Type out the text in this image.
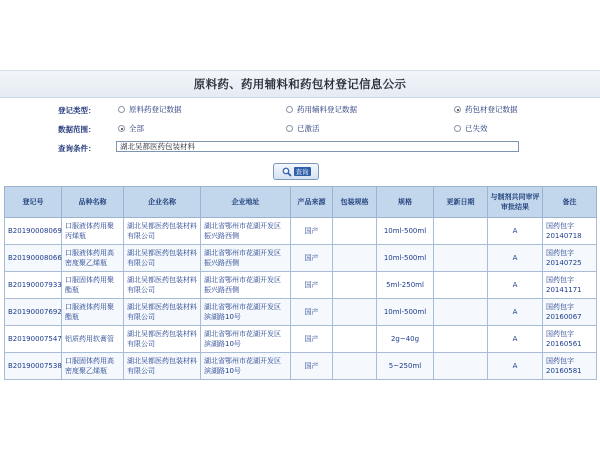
原料药、药用辅料和药包材登记信息公示
登记类型：	原料药登记数据	药用辅料登记数据	药包材登记数据
数据范围：	全部	已激活	已失效
查询条件：
湖北吴都医药包装材料
查询
登记号	品种名称	企业名称	企业地址	产品来源	包装规格	规格	更新日期	与制剂共同审评审批结果	备注
B20190008069	口服液体药用聚丙烯瓶	湖北吴都医药包装材料有限公司	湖北省鄂州市花湖开发区振兴路西侧	国产		10ml-500ml		A	国药包字20140718
B20190008066	口服液体药用高密度聚乙烯瓶	湖北吴都医药包装材料有限公司	湖北省鄂州市花湖开发区振兴路西侧	国产		10ml-500ml		A	国药包字20140725
B20190007933	口服固体药用聚酯瓶	湖北吴都医药包装材料有限公司	湖北省鄂州市花湖开发区振兴路西侧	国产		5ml-250ml		A	国药包字20141171
B20190007692	口服液体药用聚酯瓶	湖北吴都医药包装材料有限公司	湖北省鄂州市花湖开发区滨湖路10号	国产		10ml-500ml		A	国药包字20160067
B20190007547	铝质药用软膏管	湖北吴都医药包装材料有限公司	湖北省鄂州市花湖开发区滨湖路10号	国产		2g~40g		A	国药包字20160561
B20190007538	口服固体药用高密度聚乙烯瓶	湖北吴都医药包装材料有限公司	湖北省鄂州市花湖开发区滨湖路10号	国产		5~250ml		A	国药包字20160581
